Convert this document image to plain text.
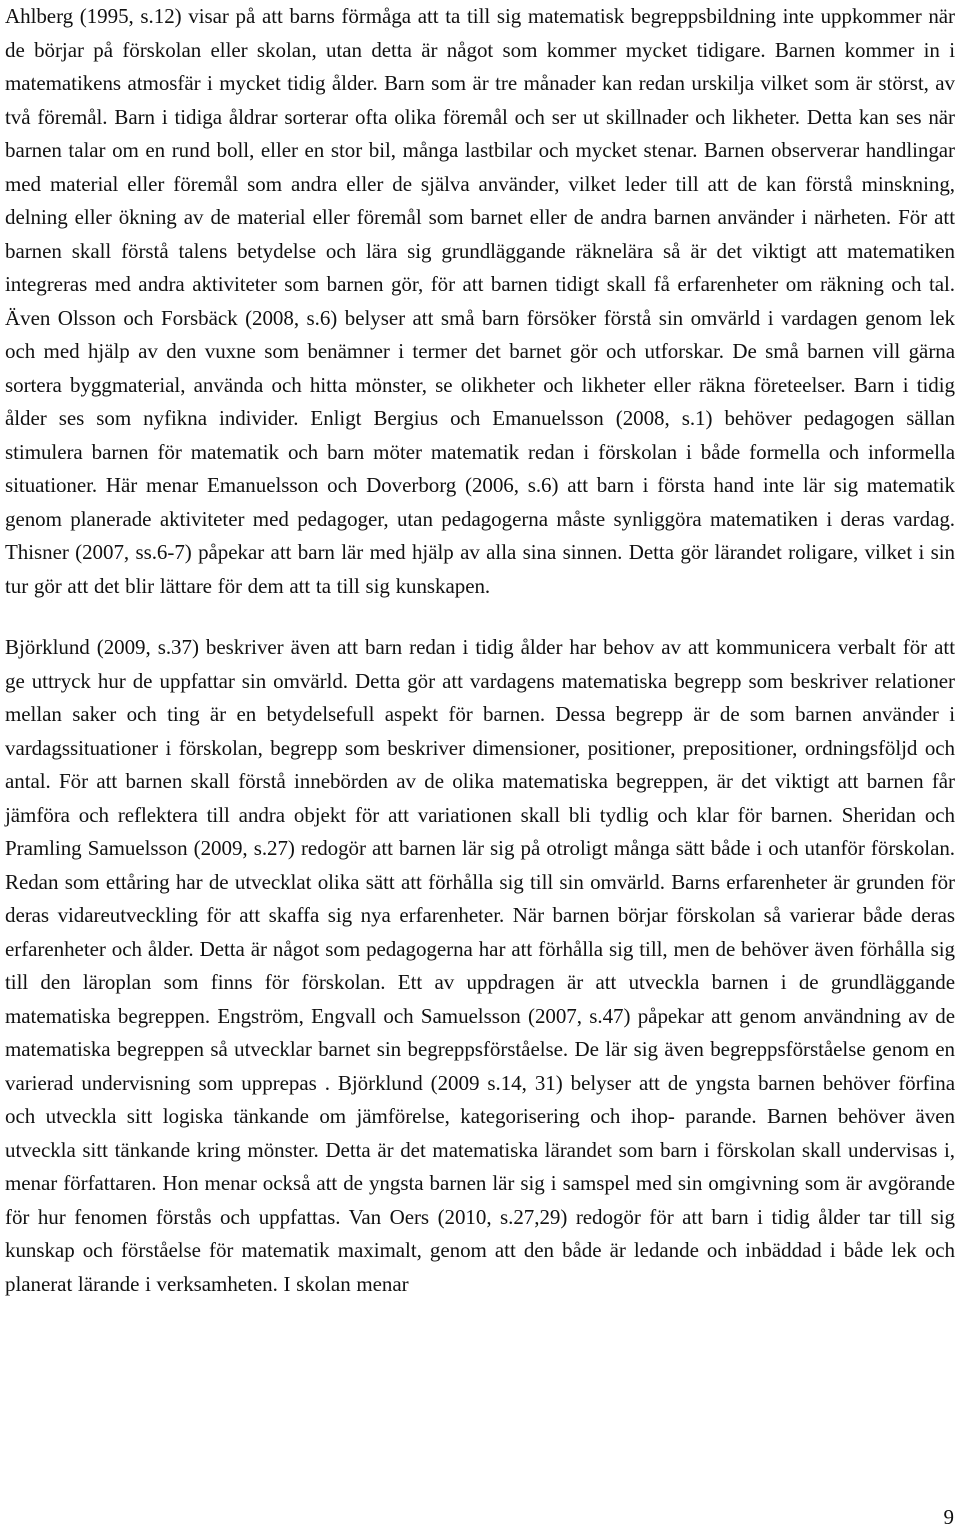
Ahlberg (1995, s.12) visar på att barns förmåga att ta till sig matematisk begreppsbildning inte uppkommer när de börjar på förskolan eller skolan, utan detta är något som kommer mycket tidigare. Barnen kommer in i matematikens atmosfär i mycket tidig ålder. Barn som är tre månader kan redan urskilja vilket som är störst, av två föremål. Barn i tidiga åldrar sorterar ofta olika föremål och ser ut skillnader och likheter. Detta kan ses när barnen talar om en rund boll, eller en stor bil, många lastbilar och mycket stenar. Barnen observerar handlingar med material eller föremål som andra eller de själva använder, vilket leder till att de kan förstå minskning, delning eller ökning av de material eller föremål som barnet eller de andra barnen använder i närheten. För att barnen skall förstå talens betydelse och lära sig grundläggande räknelära så är det viktigt att matematiken integreras med andra aktiviteter som barnen gör, för att barnen tidigt skall få erfarenheter om räkning och tal. Även Olsson och Forsbäck (2008, s.6) belyser att små barn försöker förstå sin omvärld i vardagen genom lek och med hjälp av den vuxne som benämner i termer det barnet gör och utforskar. De små barnen vill gärna sortera byggmaterial, använda och hitta mönster, se olikheter och likheter eller räkna företeelser. Barn i tidig ålder ses som nyfikna individer. Enligt Bergius och Emanuelsson (2008, s.1) behöver pedagogen sällan stimulera barnen för matematik och barn möter matematik redan i förskolan i både formella och informella situationer. Här menar Emanuelsson och Doverborg (2006, s.6) att barn i första hand inte lär sig matematik genom planerade aktiviteter med pedagoger, utan pedagogerna måste synliggöra matematiken i deras vardag. Thisner (2007, ss.6-7) påpekar att barn lär med hjälp av alla sina sinnen. Detta gör lärandet roligare, vilket i sin tur gör att det blir lättare för dem att ta till sig kunskapen.

Björklund (2009, s.37) beskriver även att barn redan i tidig ålder har behov av att kommunicera verbalt för att ge uttryck hur de uppfattar sin omvärld. Detta gör att vardagens matematiska begrepp som beskriver relationer mellan saker och ting är en betydelsefull aspekt för barnen. Dessa begrepp är de som barnen använder i vardagssituationer i förskolan, begrepp som beskriver dimensioner, positioner, prepositioner, ordningsföljd och antal. För att barnen skall förstå innebörden av de olika matematiska begreppen, är det viktigt att barnen får jämföra och reflektera till andra objekt för att variationen skall bli tydlig och klar för barnen. Sheridan och Pramling Samuelsson (2009, s.27) redogör att barnen lär sig på otroligt många sätt både i och utanför förskolan. Redan som ettåring har de utvecklat olika sätt att förhålla sig till sin omvärld. Barns erfarenheter är grunden för deras vidareutveckling för att skaffa sig nya erfarenheter. När barnen börjar förskolan så varierar både deras erfarenheter och ålder. Detta är något som pedagogerna har att förhålla sig till, men de behöver även förhålla sig till den läroplan som finns för förskolan. Ett av uppdragen är att utveckla barnen i de grundläggande matematiska begreppen. Engström, Engvall och Samuelsson (2007, s.47) påpekar att genom användning av de matematiska begreppen så utvecklar barnet sin begreppsförståelse. De lär sig även begreppsförståelse genom en varierad undervisning som upprepas . Björklund (2009 s.14, 31) belyser att de yngsta barnen behöver förfina och utveckla sitt logiska tänkande om jämförelse, kategorisering och ihop- parande. Barnen behöver även utveckla sitt tänkande kring mönster. Detta är det matematiska lärandet som barn i förskolan skall undervisas i, menar författaren. Hon menar också att de yngsta barnen lär sig i samspel med sin omgivning som är avgörande för hur fenomen förstås och uppfattas. Van Oers (2010, s.27,29) redogör för att barn i tidig ålder tar till sig kunskap och förståelse för matematik maximalt, genom att den både är ledande och inbäddad i både lek och planerat lärande i verksamheten. I skolan menar

9
